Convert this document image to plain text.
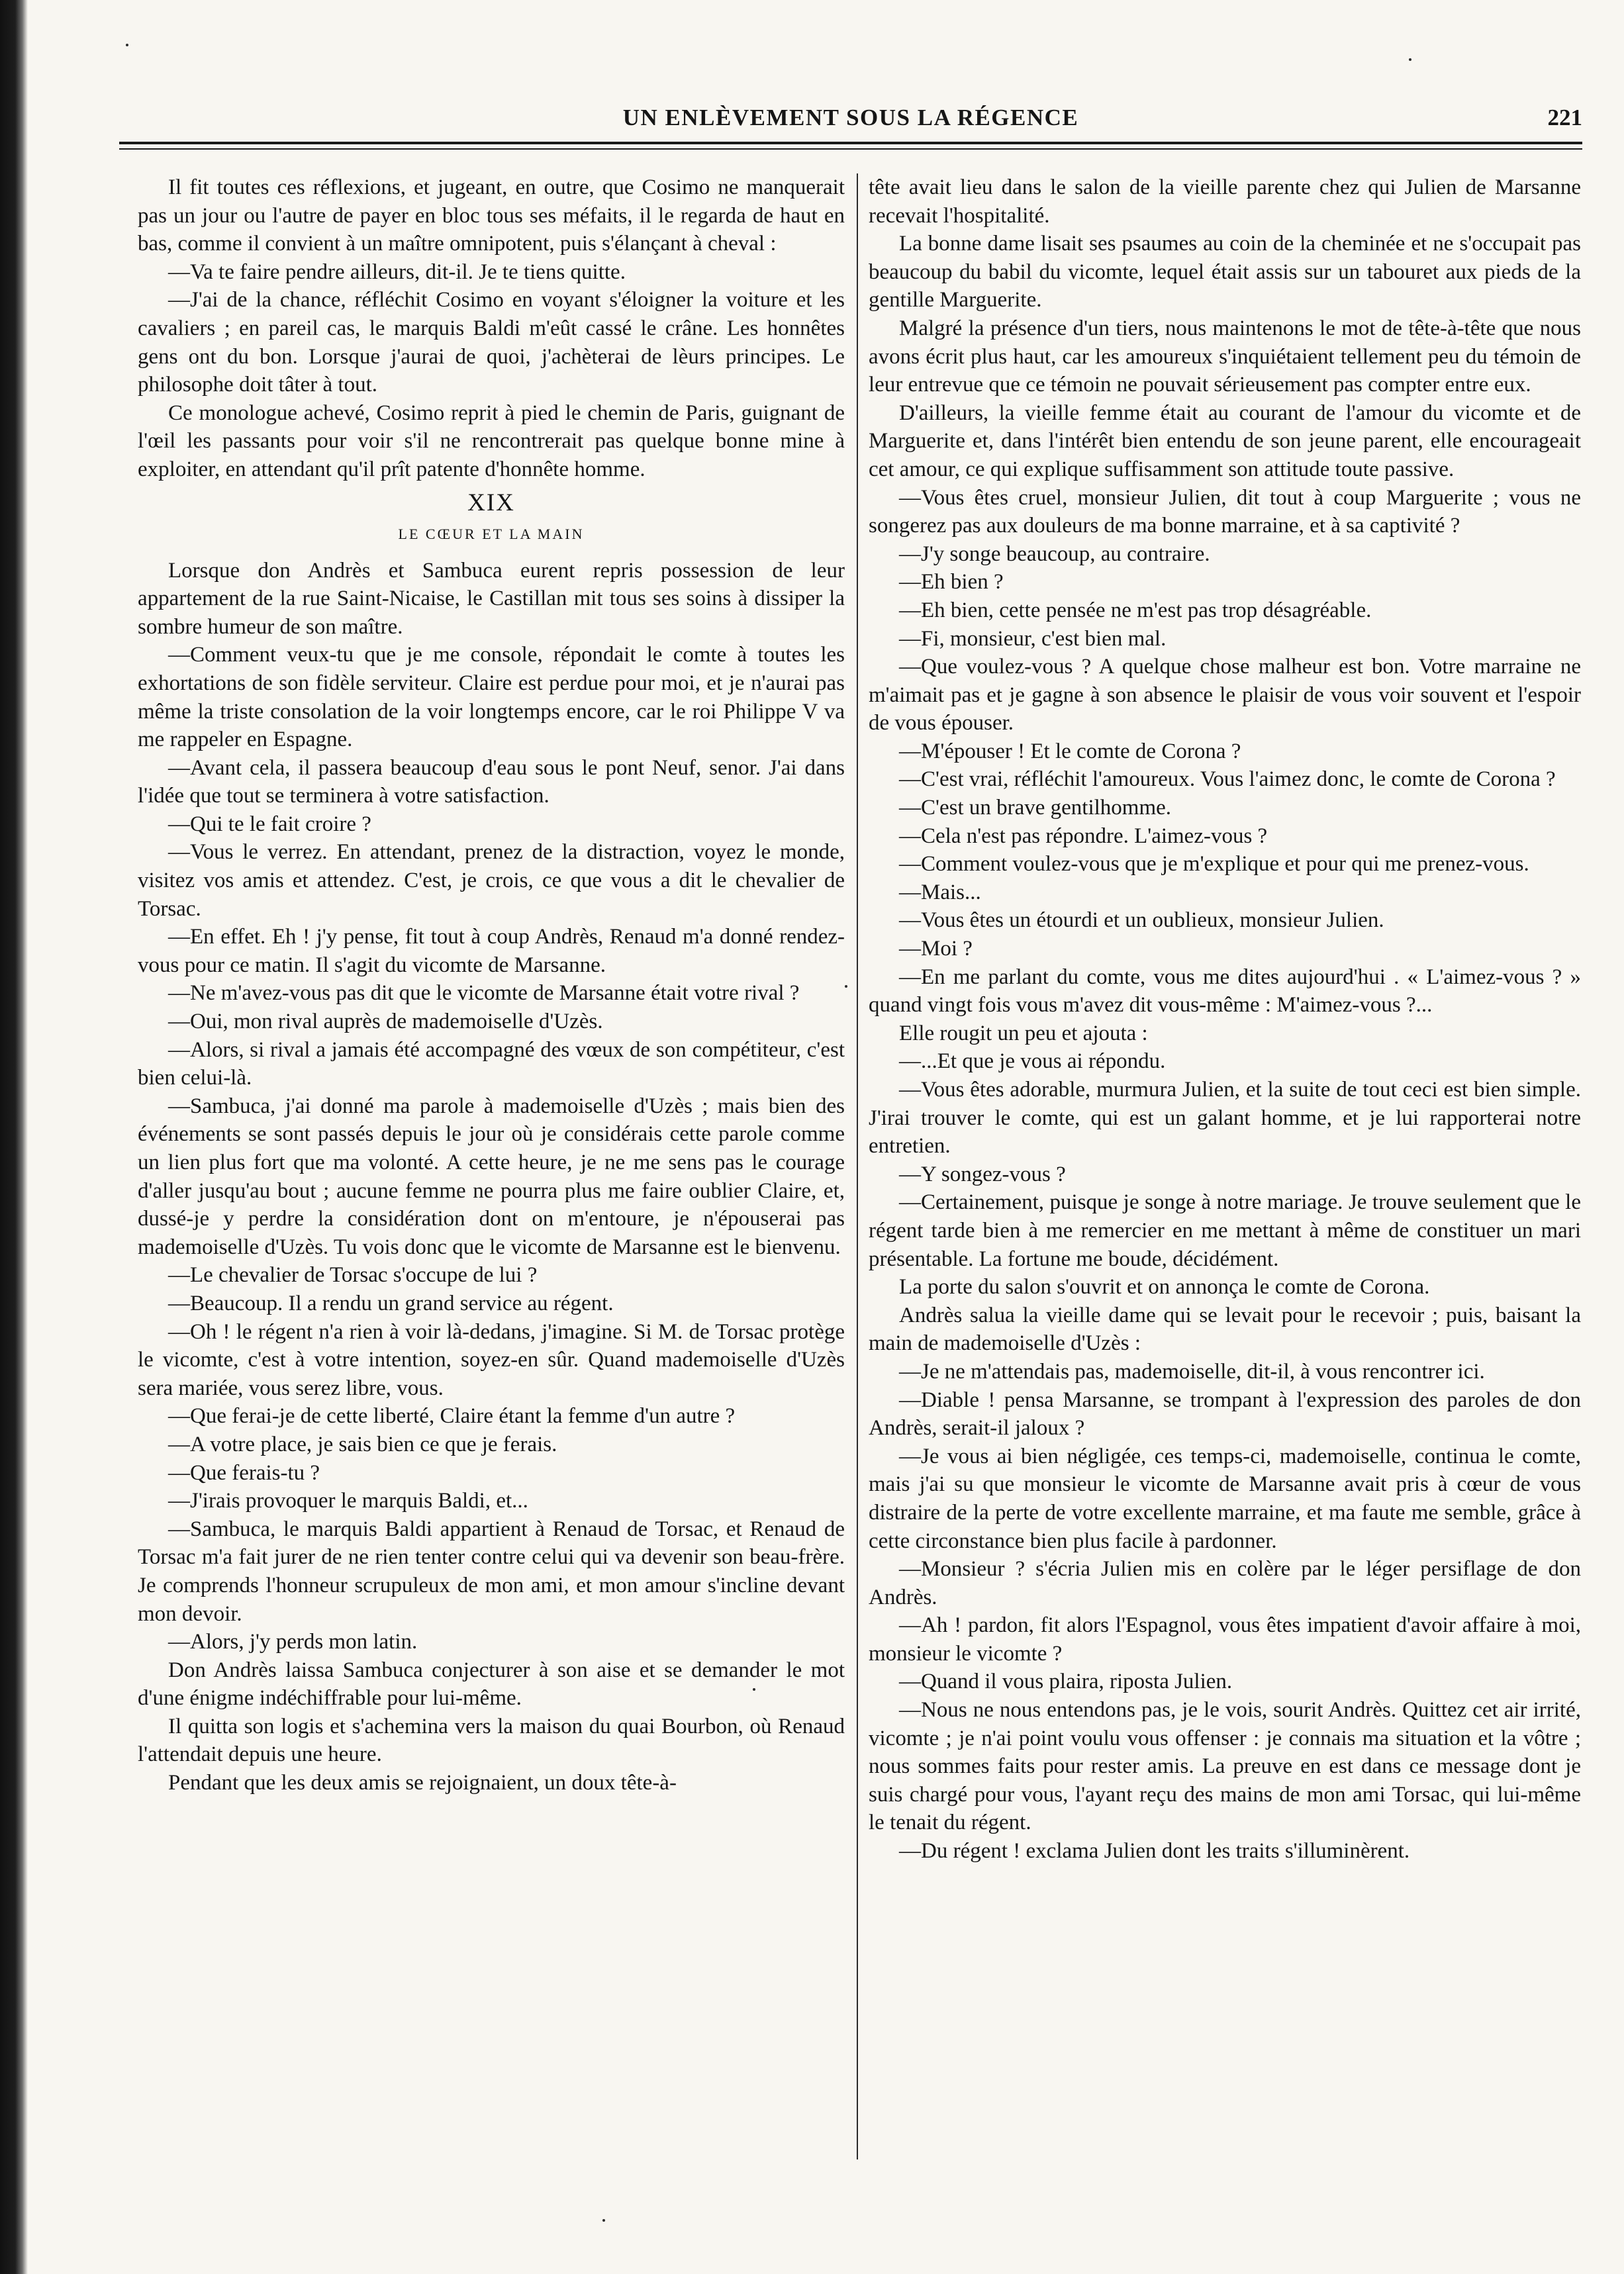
UN ENLÈVEMENT SOUS LA RÉGENCE	221

Il fit toutes ces réflexions, et jugeant, en outre, que Cosimo ne manquerait pas un jour ou l'autre de payer en bloc tous ses méfaits, il le regarda de haut en bas, comme il convient à un maître omnipotent, puis s'élançant à cheval :

—Va te faire pendre ailleurs, dit-il. Je te tiens quitte.

—J'ai de la chance, réfléchit Cosimo en voyant s'éloigner la voiture et les cavaliers ; en pareil cas, le marquis Baldi m'eût cassé le crâne. Les honnêtes gens ont du bon. Lorsque j'aurai de quoi, j'achèterai de lèurs principes. Le philosophe doit tâter à tout.

Ce monologue achevé, Cosimo reprit à pied le chemin de Paris, guignant de l'œil les passants pour voir s'il ne rencontrerait pas quelque bonne mine à exploiter, en attendant qu'il prît patente d'honnête homme.

XIX
LE CŒUR ET LA MAIN

Lorsque don Andrès et Sambuca eurent repris possession de leur appartement de la rue Saint-Nicaise, le Castillan mit tous ses soins à dissiper la sombre humeur de son maître.

—Comment veux-tu que je me console, répondait le comte à toutes les exhortations de son fidèle serviteur. Claire est perdue pour moi, et je n'aurai pas même la triste consolation de la voir longtemps encore, car le roi Philippe V va me rappeler en Espagne.

—Avant cela, il passera beaucoup d'eau sous le pont Neuf, senor. J'ai dans l'idée que tout se terminera à votre satisfaction.

—Qui te le fait croire ?

—Vous le verrez. En attendant, prenez de la distraction, voyez le monde, visitez vos amis et attendez. C'est, je crois, ce que vous a dit le chevalier de Torsac.

—En effet. Eh ! j'y pense, fit tout à coup Andrès, Renaud m'a donné rendez-vous pour ce matin. Il s'agit du vicomte de Marsanne.

—Ne m'avez-vous pas dit que le vicomte de Marsanne était votre rival ?

—Oui, mon rival auprès de mademoiselle d'Uzès.

—Alors, si rival a jamais été accompagné des vœux de son compétiteur, c'est bien celui-là.

—Sambuca, j'ai donné ma parole à mademoiselle d'Uzès ; mais bien des événements se sont passés depuis le jour où je considérais cette parole comme un lien plus fort que ma volonté. A cette heure, je ne me sens pas le courage d'aller jusqu'au bout ; aucune femme ne pourra plus me faire oublier Claire, et, dussé-je y perdre la considération dont on m'entoure, je n'épouserai pas mademoiselle d'Uzès. Tu vois donc que le vicomte de Marsanne est le bienvenu.

—Le chevalier de Torsac s'occupe de lui ?

—Beaucoup. Il a rendu un grand service au régent.

—Oh ! le régent n'a rien à voir là-dedans, j'imagine. Si M. de Torsac protège le vicomte, c'est à votre intention, soyez-en sûr. Quand mademoiselle d'Uzès sera mariée, vous serez libre, vous.

—Que ferai-je de cette liberté, Claire étant la femme d'un autre ?

—A votre place, je sais bien ce que je ferais.

—Que ferais-tu ?

—J'irais provoquer le marquis Baldi, et...

—Sambuca, le marquis Baldi appartient à Renaud de Torsac, et Renaud de Torsac m'a fait jurer de ne rien tenter contre celui qui va devenir son beau-frère. Je comprends l'honneur scrupuleux de mon ami, et mon amour s'incline devant mon devoir.

—Alors, j'y perds mon latin.

Don Andrès laissa Sambuca conjecturer à son aise et se demander le mot d'une énigme indéchiffrable pour lui-même.

Il quitta son logis et s'achemina vers la maison du quai Bourbon, où Renaud l'attendait depuis une heure.

Pendant que les deux amis se rejoignaient, un doux tête-à-

tête avait lieu dans le salon de la vieille parente chez qui Julien de Marsanne recevait l'hospitalité.

La bonne dame lisait ses psaumes au coin de la cheminée et ne s'occupait pas beaucoup du babil du vicomte, lequel était assis sur un tabouret aux pieds de la gentille Marguerite.

Malgré la présence d'un tiers, nous maintenons le mot de tête-à-tête que nous avons écrit plus haut, car les amoureux s'inquiétaient tellement peu du témoin de leur entrevue que ce témoin ne pouvait sérieusement pas compter entre eux.

D'ailleurs, la vieille femme était au courant de l'amour du vicomte et de Marguerite et, dans l'intérêt bien entendu de son jeune parent, elle encourageait cet amour, ce qui explique suffisamment son attitude toute passive.

—Vous êtes cruel, monsieur Julien, dit tout à coup Marguerite ; vous ne songerez pas aux douleurs de ma bonne marraine, et à sa captivité ?

—J'y songe beaucoup, au contraire.

—Eh bien ?

—Eh bien, cette pensée ne m'est pas trop désagréable.

—Fi, monsieur, c'est bien mal.

—Que voulez-vous ? A quelque chose malheur est bon. Votre marraine ne m'aimait pas et je gagne à son absence le plaisir de vous voir souvent et l'espoir de vous épouser.

—M'épouser ! Et le comte de Corona ?

—C'est vrai, réfléchit l'amoureux. Vous l'aimez donc, le comte de Corona ?

—C'est un brave gentilhomme.

—Cela n'est pas répondre. L'aimez-vous ?

—Comment voulez-vous que je m'explique et pour qui me prenez-vous.

—Mais...

—Vous êtes un étourdi et un oublieux, monsieur Julien.

—Moi ?

—En me parlant du comte, vous me dites aujourd'hui . « L'aimez-vous ? » quand vingt fois vous m'avez dit vous-même : M'aimez-vous ?...

Elle rougit un peu et ajouta :

—...Et que je vous ai répondu.

—Vous êtes adorable, murmura Julien, et la suite de tout ceci est bien simple. J'irai trouver le comte, qui est un galant homme, et je lui rapporterai notre entretien.

—Y songez-vous ?

—Certainement, puisque je songe à notre mariage. Je trouve seulement que le régent tarde bien à me remercier en me mettant à même de constituer un mari présentable. La fortune me boude, décidément.

La porte du salon s'ouvrit et on annonça le comte de Corona.

Andrès salua la vieille dame qui se levait pour le recevoir ; puis, baisant la main de mademoiselle d'Uzès :

—Je ne m'attendais pas, mademoiselle, dit-il, à vous rencontrer ici.

—Diable ! pensa Marsanne, se trompant à l'expression des paroles de don Andrès, serait-il jaloux ?

—Je vous ai bien négligée, ces temps-ci, mademoiselle, continua le comte, mais j'ai su que monsieur le vicomte de Marsanne avait pris à cœur de vous distraire de la perte de votre excellente marraine, et ma faute me semble, grâce à cette circonstance bien plus facile à pardonner.

—Monsieur ? s'écria Julien mis en colère par le léger persiflage de don Andrès.

—Ah ! pardon, fit alors l'Espagnol, vous êtes impatient d'avoir affaire à moi, monsieur le vicomte ?

—Quand il vous plaira, riposta Julien.

—Nous ne nous entendons pas, je le vois, sourit Andrès. Quittez cet air irrité, vicomte ; je n'ai point voulu vous offenser : je connais ma situation et la vôtre ; nous sommes faits pour rester amis. La preuve en est dans ce message dont je suis chargé pour vous, l'ayant reçu des mains de mon ami Torsac, qui lui-même le tenait du régent.

—Du régent ! exclama Julien dont les traits s'illuminèrent.
